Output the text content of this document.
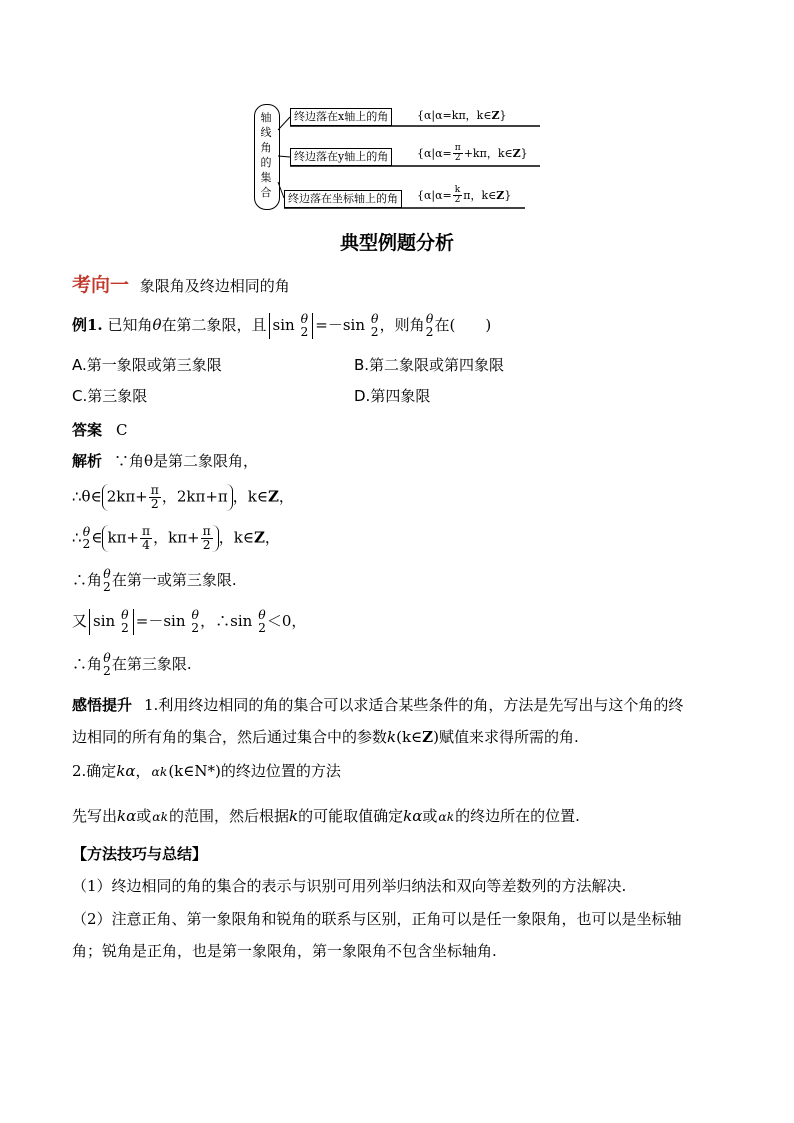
轴
线
角
的
集
合
终边落在x轴上的角	{α|α=kπ，k∈Z}
终边落在y轴上的角	{$\alpha|\alpha= \frac{\pi}{2} +k\pi$，k∈Z}
终边落在坐标轴上的角	{$\alpha|\alpha= \frac{k}{2}$ π，k∈Z}
典型例题分析
考向一 象限角及终边相同的角
例1. 已知角θ在第二象限，且 sin θ
2 =－sin θ
2 ，则角θ
2 在(　　)
A.第一象限或第三象限	B.第二象限或第四象限
C.第三象限	D.第四象限
答案 C
解析 ∵角θ是第二象限角，
∴θ∈ $2k\pi+ \frac{\pi}{2}$ ，2kπ+π ，k∈Z，
∴θ
2 ∈ $k\pi+ \frac{\pi}{4}$ ，$k\pi+ \frac{\pi}{2}$ ，k∈Z，
∴角θ
2 在第一或第三象限.
又 sin θ
2 =－sin θ
2 ，∴sin θ
2 ＜0，
∴角θ
2 在第三象限.
感悟提升 1.利用终边相同的角的集合可以求适合某些条件的角，方法是先写出与这个角的终
边相同的所有角的集合，然后通过集合中的参数k(k∈Z)赋值来求得所需的角.
2.确定kα，αk(k∈N*)的终边位置的方法
先写出kα或αk的范围，然后根据k的可能取值确定kα或αk的终边所在的位置.
【方法技巧与总结】
（1）终边相同的角的集合的表示与识别可用列举归纳法和双向等差数列的方法解决.
（2）注意正角、第一象限角和锐角的联系与区别，正角可以是任一象限角，也可以是坐标轴
角；锐角是正角，也是第一象限角，第一象限角不包含坐标轴角.
